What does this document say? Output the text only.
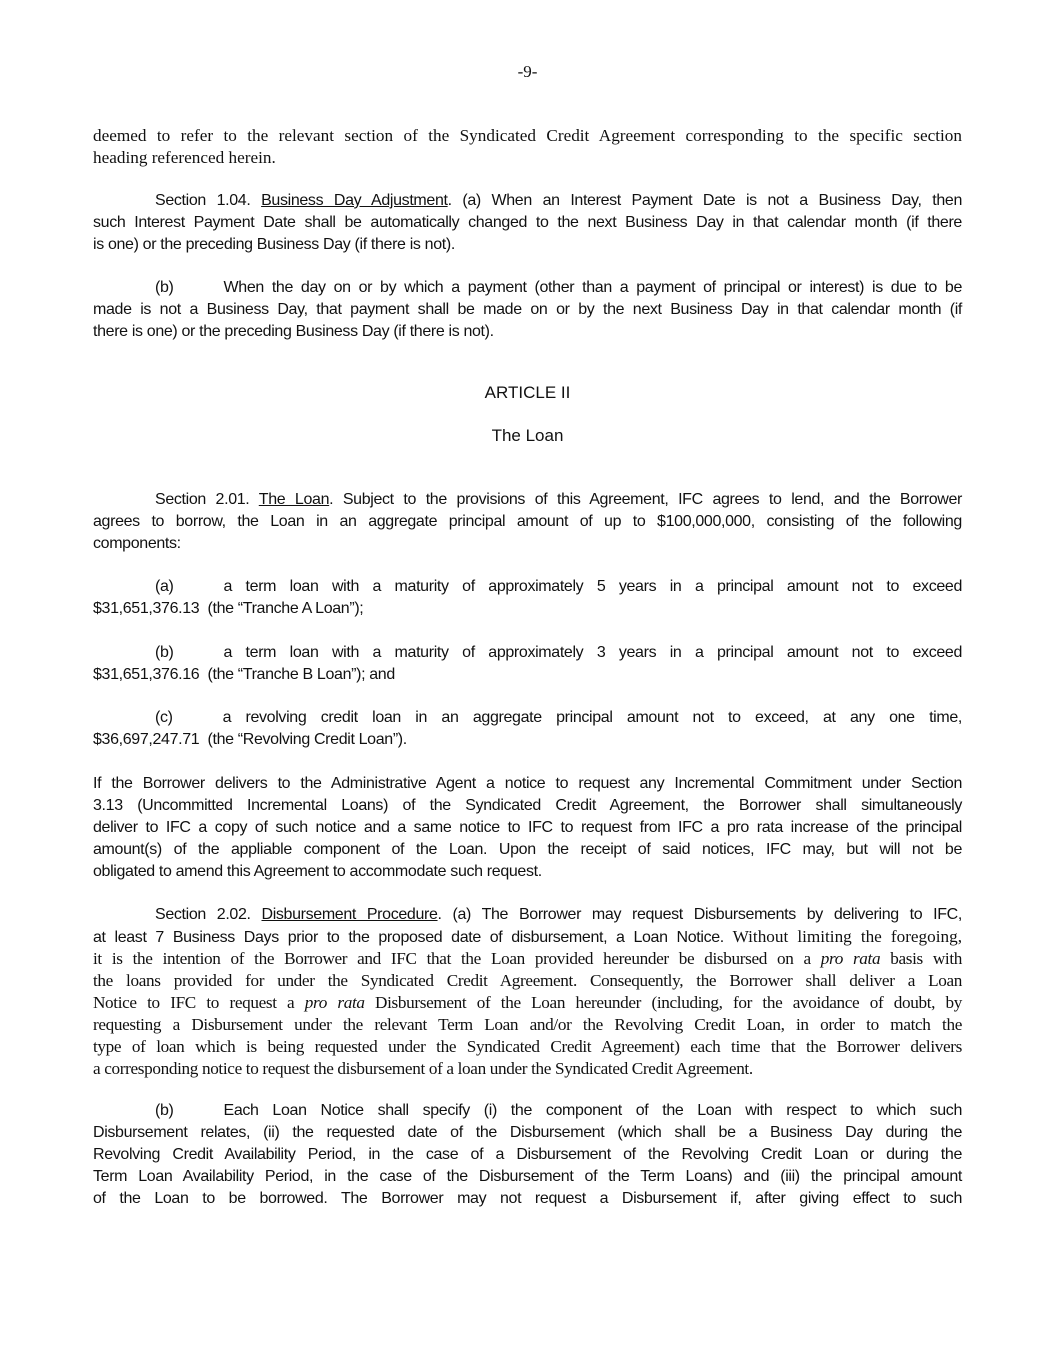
-9-
deemed to refer to the relevant section of the Syndicated Credit Agreement corresponding to the specific section
heading referenced herein.
Section 1.04. Business Day Adjustment. (a) When an Interest Payment Date is not a Business Day, then
such Interest Payment Date shall be automatically changed to the next Business Day in that calendar month (if there
is one) or the preceding Business Day (if there is not).
(b)	When the day on or by which a payment (other than a payment of principal or interest) is due to be
made is not a Business Day, that payment shall be made on or by the next Business Day in that calendar month (if
there is one) or the preceding Business Day (if there is not).
ARTICLE II
The Loan
Section 2.01. The Loan. Subject to the provisions of this Agreement, IFC agrees to lend, and the Borrower
agrees to borrow, the Loan in an aggregate principal amount of up to $100,000,000, consisting of the following
components:
(a)	a term loan with a maturity of approximately 5 years in a principal amount not to exceed
$31,651,376.13  (the “Tranche A Loan”);
(b)	a term loan with a maturity of approximately 3 years in a principal amount not to exceed
$31,651,376.16  (the “Tranche B Loan”); and
(c)	a revolving credit loan in an aggregate principal amount not to exceed, at any one time,
$36,697,247.71  (the “Revolving Credit Loan”).
If the Borrower delivers to the Administrative Agent a notice to request any Incremental Commitment under Section
3.13 (Uncommitted Incremental Loans) of the Syndicated Credit Agreement, the Borrower shall simultaneously
deliver to IFC a copy of such notice and a same notice to IFC to request from IFC a pro rata increase of the principal
amount(s) of the appliable component of the Loan. Upon the receipt of said notices, IFC may, but will not be
obligated to amend this Agreement to accommodate such request.
Section 2.02. Disbursement Procedure. (a) The Borrower may request Disbursements by delivering to IFC,
at least 7 Business Days prior to the proposed date of disbursement, a Loan Notice. Without limiting the foregoing,
it is the intention of the Borrower and IFC that the Loan provided hereunder be disbursed on a pro rata basis with
the loans provided for under the Syndicated Credit Agreement. Consequently, the Borrower shall deliver a Loan
Notice to IFC to request a pro rata Disbursement of the Loan hereunder (including, for the avoidance of doubt, by
requesting a Disbursement under the relevant Term Loan and/or the Revolving Credit Loan, in order to match the
type of loan which is being requested under the Syndicated Credit Agreement) each time that the Borrower delivers
a corresponding notice to request the disbursement of a loan under the Syndicated Credit Agreement.
(b)	Each Loan Notice shall specify (i) the component of the Loan with respect to which such
Disbursement relates, (ii) the requested date of the Disbursement (which shall be a Business Day during the
Revolving Credit Availability Period, in the case of a Disbursement of the Revolving Credit Loan or during the
Term Loan Availability Period, in the case of the Disbursement of the Term Loans) and (iii) the principal amount
of the Loan to be borrowed. The Borrower may not request a Disbursement if, after giving effect to such
